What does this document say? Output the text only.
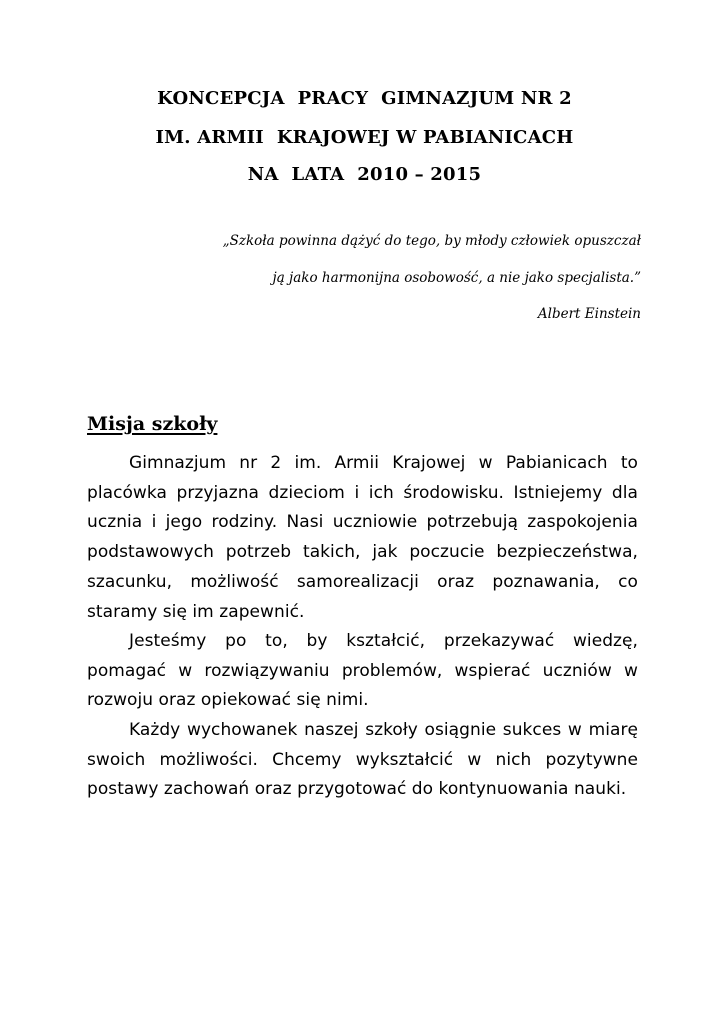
KONCEPCJA  PRACY  GIMNAZJUM NR 2
IM. ARMII  KRAJOWEJ W PABIANICACH
NA  LATA  2010 – 2015
„Szkoła powinna dążyć do tego, by młody człowiek opuszczał
ją jako harmonijna osobowość, a nie jako specjalista.”
Albert Einstein
Misja szkoły

Gimnazjum nr 2 im. Armii Krajowej w Pabianicach to placówka przyjazna dzieciom i ich środowisku. Istniejemy dla ucznia i jego rodziny. Nasi uczniowie potrzebują zaspokojenia podstawowych potrzeb takich, jak poczucie bezpieczeństwa, szacunku, możliwość samorealizacji oraz poznawania, co staramy się im zapewnić.

Jesteśmy po to, by kształcić, przekazywać wiedzę, pomagać w rozwiązywaniu problemów, wspierać uczniów w rozwoju oraz opiekować się nimi.

Każdy wychowanek naszej szkoły osiągnie sukces w miarę swoich możliwości. Chcemy wykształcić w nich pozytywne postawy zachowań oraz przygotować do kontynuowania nauki.
